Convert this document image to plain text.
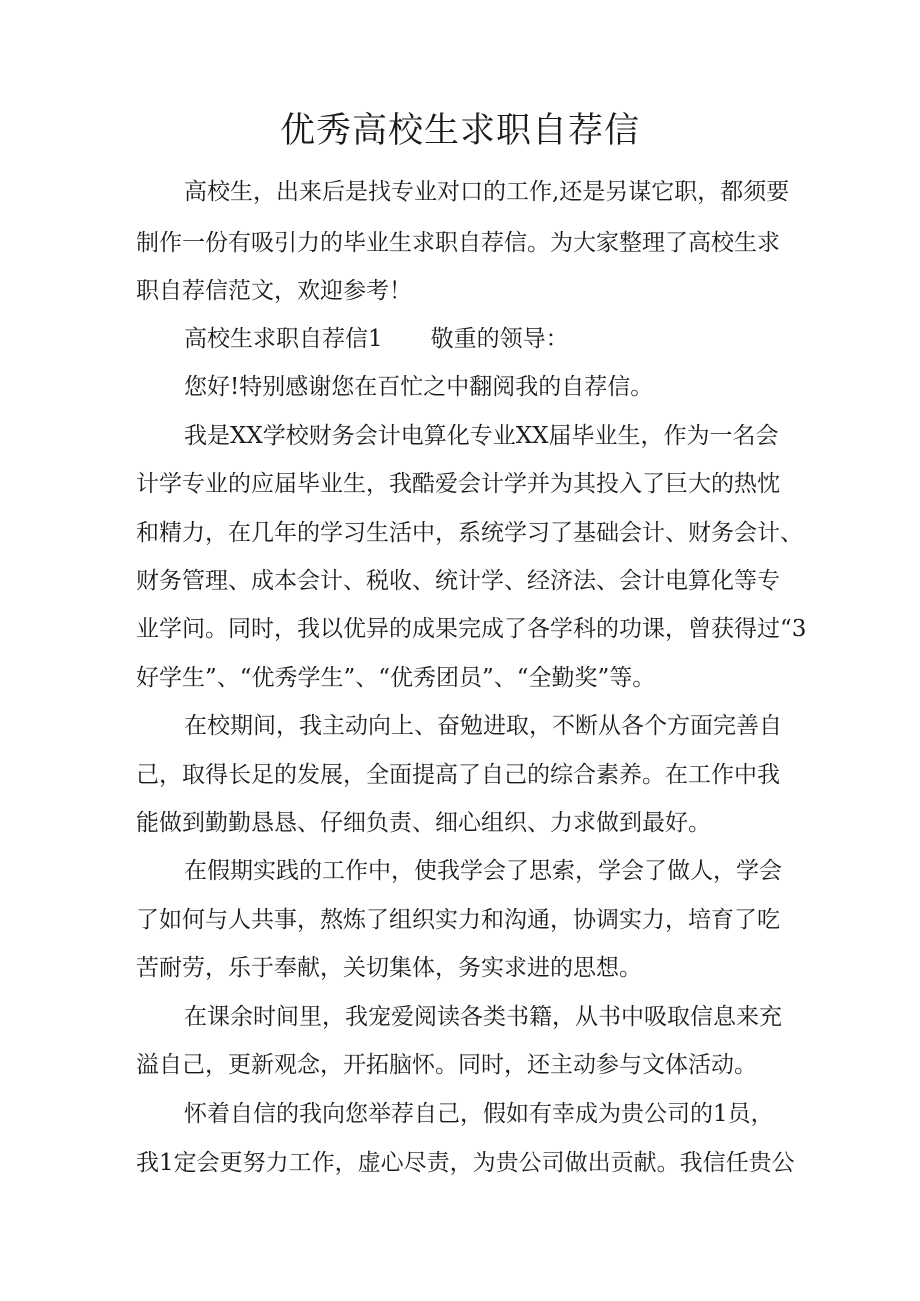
优秀高校生求职自荐信

高校生，出来后是找专业对口的工作,还是另谋它职，都须要

制作一份有吸引力的毕业生求职自荐信。为大家整理了高校生求

职自荐信范文，欢迎参考！

高校生求职自荐信1 敬重的领导：

您好!特别感谢您在百忙之中翻阅我的自荐信。

我是XX学校财务会计电算化专业XX届毕业生，作为一名会

计学专业的应届毕业生，我酷爱会计学并为其投入了巨大的热忱

和精力，在几年的学习生活中，系统学习了基础会计、财务会计、

财务管理、成本会计、税收、统计学、经济法、会计电算化等专

业学问。同时，我以优异的成果完成了各学科的功课，曾获得过“3

好学生”、“优秀学生”、“优秀团员”、“全勤奖”等。

在校期间，我主动向上、奋勉进取，不断从各个方面完善自

己，取得长足的发展，全面提高了自己的综合素养。在工作中我

能做到勤勤恳恳、仔细负责、细心组织、力求做到最好。

在假期实践的工作中，使我学会了思索，学会了做人，学会

了如何与人共事，熬炼了组织实力和沟通，协调实力，培育了吃

苦耐劳，乐于奉献，关切集体，务实求进的思想。

在课余时间里，我宠爱阅读各类书籍，从书中吸取信息来充

溢自己，更新观念，开拓脑怀。同时，还主动参与文体活动。

怀着自信的我向您举荐自己，假如有幸成为贵公司的1员，

我1定会更努力工作，虚心尽责，为贵公司做出贡献。我信任贵公
